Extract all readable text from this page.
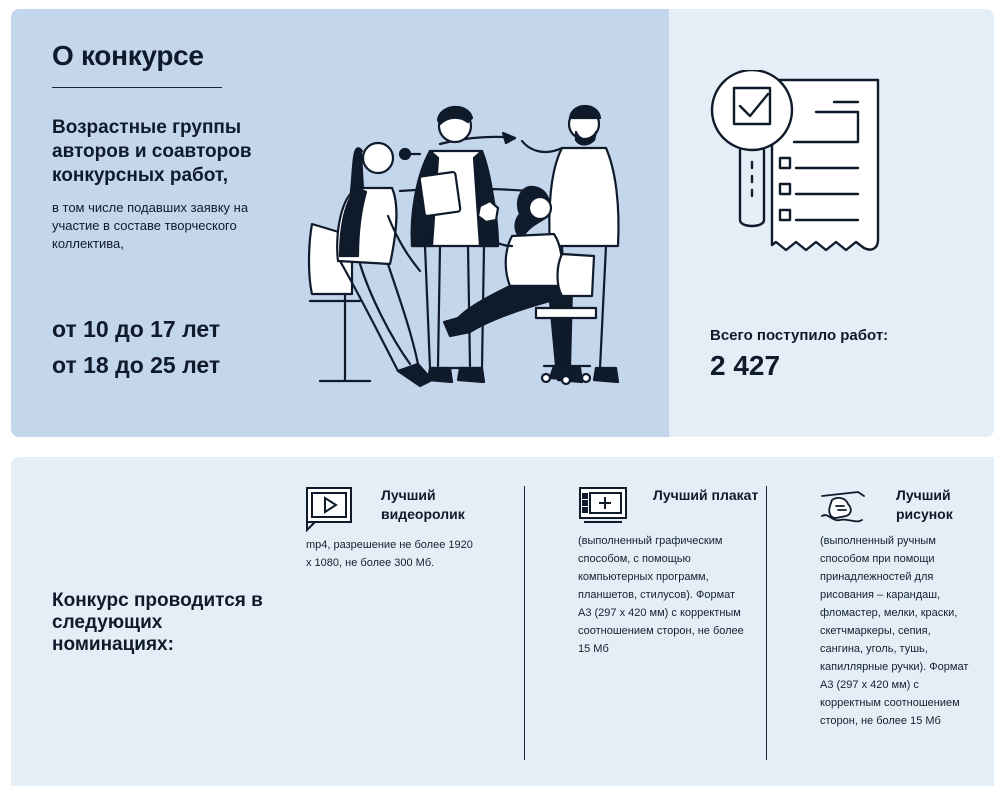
О конкурсе
Возрастные группы авторов и соавторов конкурсных работ,
в том числе подавших заявку на участие в составе творческого коллектива,
от 10 до 17 лет
от 18 до 25 лет
Всего поступило работ:
2 427
Конкурс проводится в следующих номинациях:
Лучший видеоролик
mp4, разрешение не более 1920 х 1080, не более 300 Мб.
Лучший плакат
(выполненный графическим способом, с помощью компьютерных программ, планшетов, стилусов). Формат А3 (297 х 420 мм) с корректным соотношением сторон, не более 15 Мб
Лучший рисунок
(выполненный ручным способом при помощи принадлежностей для рисования – карандаш, фломастер, мелки, краски, скетчмаркеры, сепия, сангина, уголь, тушь, капиллярные ручки). Формат А3 (297 х 420 мм) с корректным соотношением сторон, не более 15 Мб
